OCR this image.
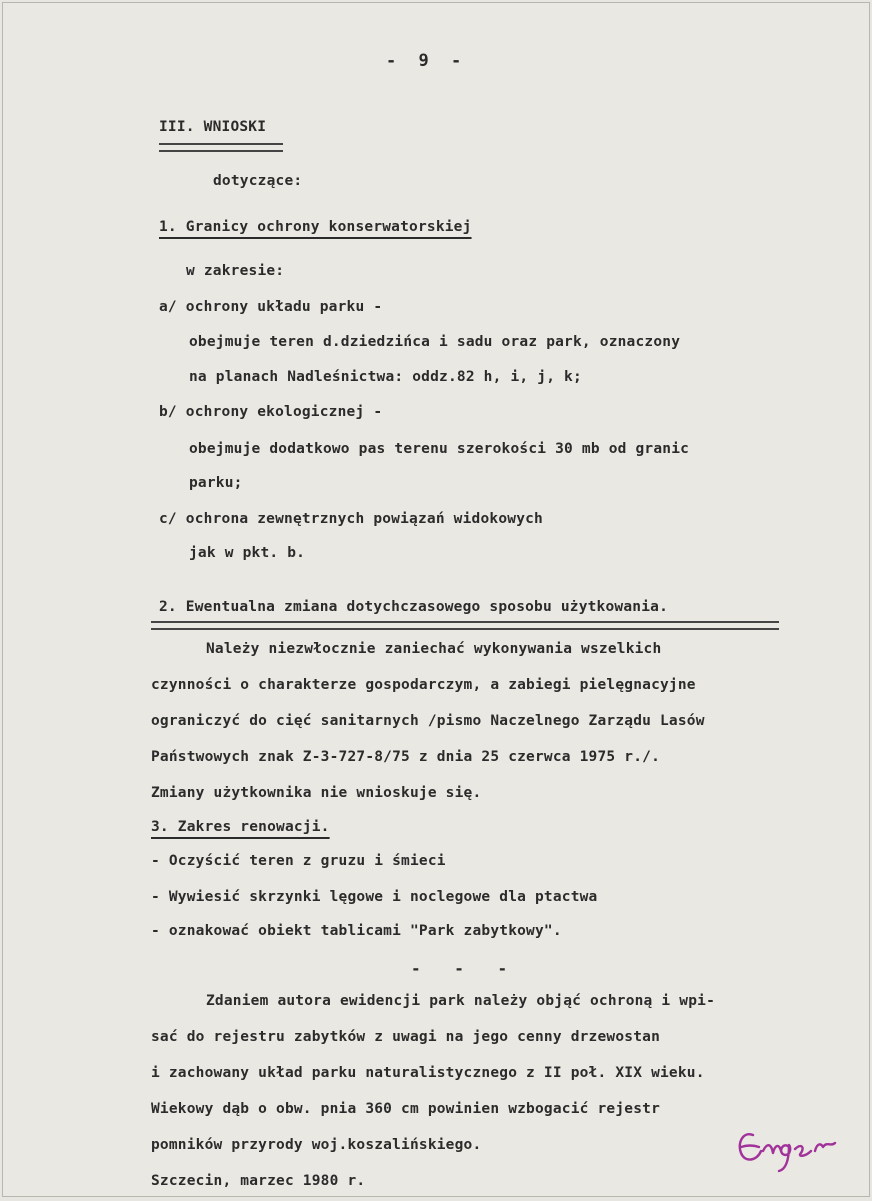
- 9 -
III. WNIOSKI
dotyczące:
1. Granicy ochrony konserwatorskiej
w zakresie:
a/ ochrony układu parku -
obejmuje teren d.dziedzińca i sadu oraz park, oznaczony
na planach Nadleśnictwa: oddz.82 h, i, j, k;
b/ ochrony ekologicznej -
obejmuje dodatkowo pas terenu szerokości 30 mb od granic
parku;
c/ ochrona zewnętrznych powiązań widokowych
jak w pkt. b.
2. Ewentualna zmiana dotychczasowego sposobu użytkowania.
Należy niezwłocznie zaniechać wykonywania wszelkich
czynności o charakterze gospodarczym, a zabiegi pielęgnacyjne
ograniczyć do cięć sanitarnych /pismo Naczelnego Zarządu Lasów
Państwowych znak Z-3-727-8/75 z dnia 25 czerwca 1975 r./.
Zmiany użytkownika nie wnioskuje się.
3. Zakres renowacji.
- Oczyścić teren z gruzu i śmieci
- Wywiesić skrzynki lęgowe i noclegowe dla ptactwa
- oznakować obiekt tablicami "Park zabytkowy".
- - -
Zdaniem autora ewidencji park należy objąć ochroną i wpi-
sać do rejestru zabytków z uwagi na jego cenny drzewostan
i zachowany układ parku naturalistycznego z II poł. XIX wieku.
Wiekowy dąb o obw. pnia 360 cm powinien wzbogacić rejestr
pomników przyrody woj.koszalińskiego.
Szczecin, marzec 1980 r.
